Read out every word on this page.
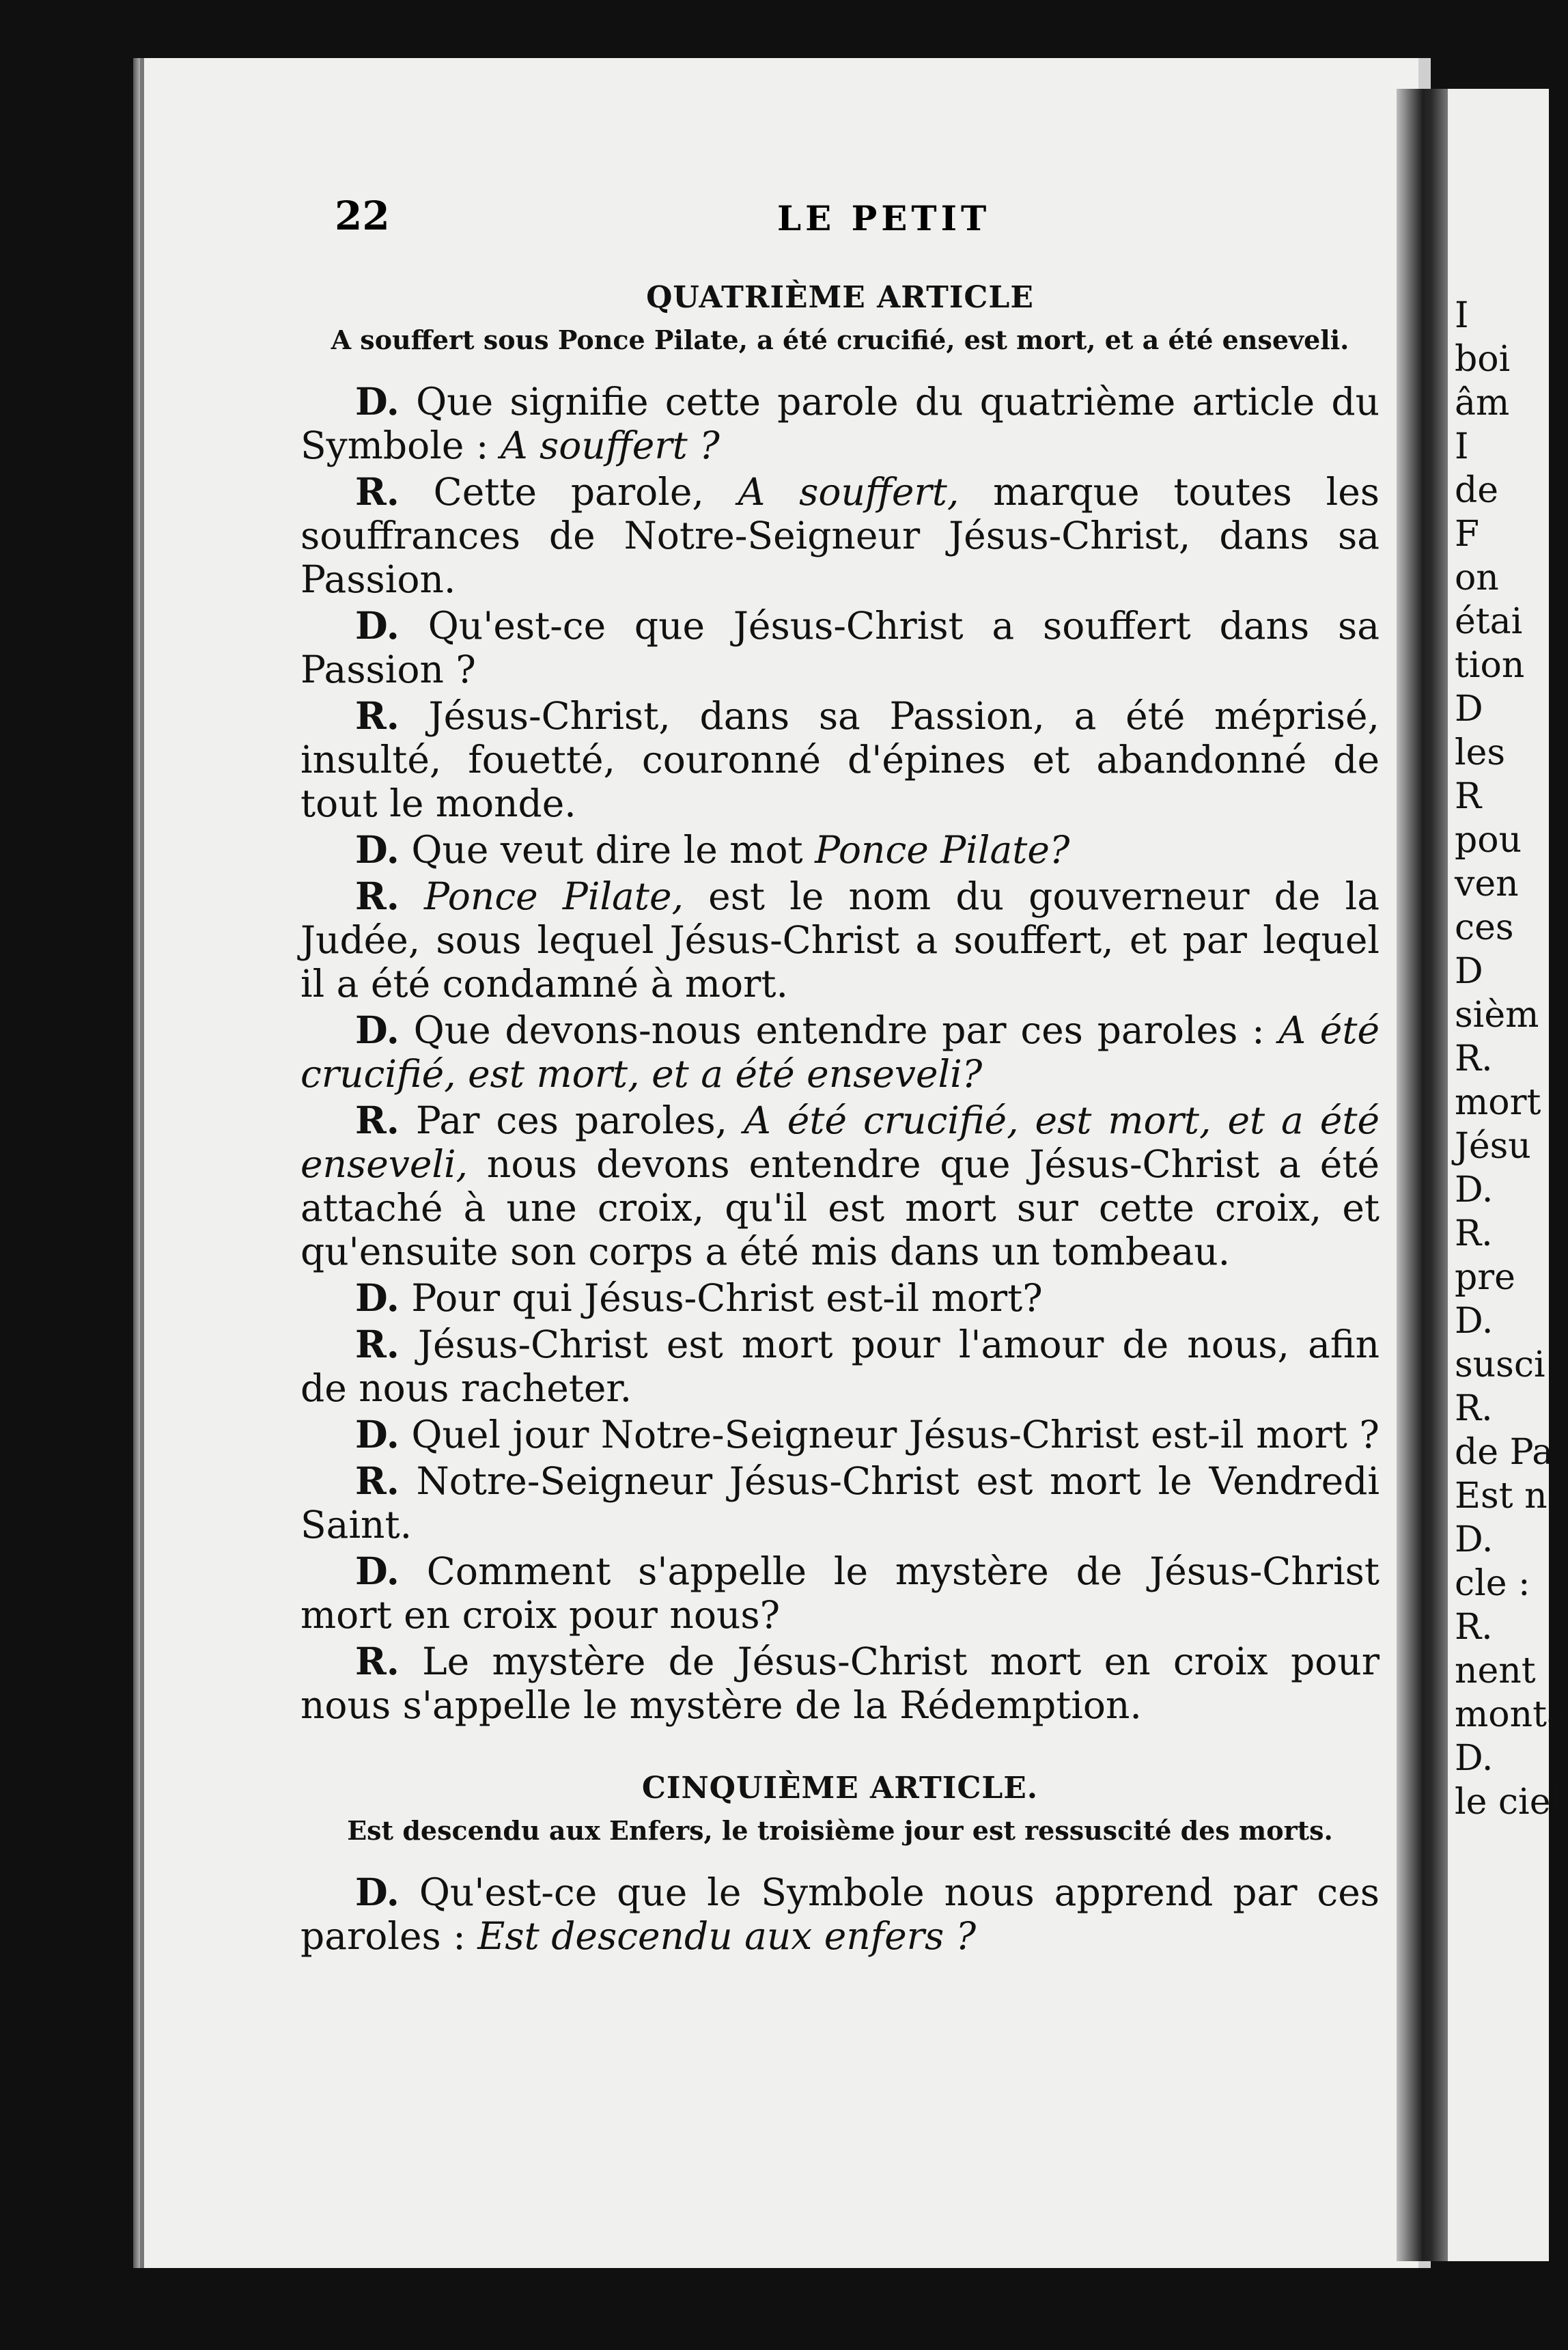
I
boi
âm
I
de
F
on
étai
tion
D
les
R
pou
ven
ces
D
sièm
R.
mort
Jésu
D.
R.
pre
D.
susci
R.
de Pa
Est n
D.
cle :
R.
nent
monta
D.
le ciel
22	LE PETIT
QUATRIÈME ARTICLE
A souffert sous Ponce Pilate, a été crucifié, est mort, et a été enseveli.

D. Que signifie cette parole du quatrième article du Symbole : A souffert ?

R. Cette parole, A souffert, marque toutes les souffrances de Notre-Seigneur Jésus-Christ, dans sa Passion.

D. Qu'est-ce que Jésus-Christ a souffert dans sa Passion ?

R. Jésus-Christ, dans sa Passion, a été méprisé, insulté, fouetté, couronné d'épines et abandonné de tout le monde.

D. Que veut dire le mot Ponce Pilate?

R. Ponce Pilate, est le nom du gouverneur de la Judée, sous lequel Jésus-Christ a souffert, et par lequel il a été condamné à mort.

D. Que devons-nous entendre par ces paroles : A été crucifié, est mort, et a été enseveli?

R. Par ces paroles, A été crucifié, est mort, et a été enseveli, nous devons entendre que Jésus-Christ a été attaché à une croix, qu'il est mort sur cette croix, et qu'ensuite son corps a été mis dans un tombeau.

D. Pour qui Jésus-Christ est-il mort?

R. Jésus-Christ est mort pour l'amour de nous, afin de nous racheter.

D. Quel jour Notre-Seigneur Jésus-Christ est-il mort ?

R. Notre-Seigneur Jésus-Christ est mort le Vendredi Saint.

D. Comment s'appelle le mystère de Jésus-Christ mort en croix pour nous?

R. Le mystère de Jésus-Christ mort en croix pour nous s'appelle le mystère de la Rédemption.

CINQUIÈME ARTICLE.
Est descendu aux Enfers, le troisième jour est ressuscité des morts.

D. Qu'est-ce que le Symbole nous apprend par ces paroles : Est descendu aux enfers ?
